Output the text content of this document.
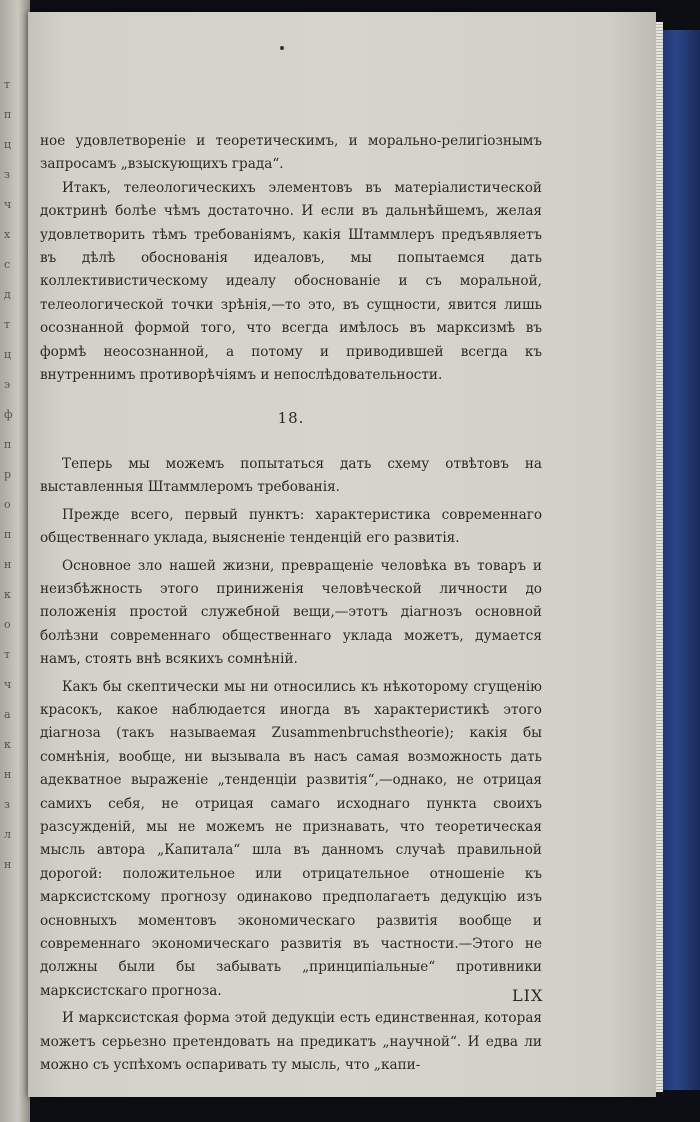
т
п
ц
з
ч
х
с
д
т
ц
э
ф
п
р
о
п
н
к
о
т
ч
а
к
н
з
л
н

ное удовлетвореніе и теоретическимъ, и морально-религіознымъ запросамъ „взыскующихъ града“.

Итакъ, телеологическихъ элементовъ въ матеріалистической доктринѣ болѣе чѣмъ достаточно. И если въ дальнѣйшемъ, желая удовлетворить тѣмъ требованіямъ, какія Штаммлеръ предъявляетъ въ дѣлѣ обоснованія идеаловъ, мы попытаемся дать коллективистическому идеалу обоснованіе и съ моральной, телеологической точки зрѣнія,—то это, въ сущности, явится лишь осознанной формой того, что всегда имѣлось въ марксизмѣ въ формѣ неосознанной, а потому и приводившей всегда къ внутреннимъ противорѣчіямъ и непослѣдовательности.

18.

Теперь мы можемъ попытаться дать схему отвѣтовъ на выставленныя Штаммлеромъ требованія.

Прежде всего, первый пунктъ: характеристика современнаго общественнаго уклада, выясненіе тенденцій его развитія.

Основное зло нашей жизни, превращеніе человѣка въ товаръ и неизбѣжность этого приниженія человѣческой личности до положенія простой служебной вещи,—этотъ діагнозъ основной болѣзни современнаго общественнаго уклада можетъ, думается намъ, стоять внѣ всякихъ сомнѣній.

Какъ бы скептически мы ни относились къ нѣкоторому сгущенію красокъ, какое наблюдается иногда въ характеристикѣ этого діагноза (такъ называемая Zusammenbruchstheorie); какія бы сомнѣнія, вообще, ни вызывала въ насъ самая возможность дать адекватное выраженіе „тенденціи развитія“,—однако, не отрицая самихъ себя, не отрицая самаго исходнаго пункта своихъ разсужденій, мы не можемъ не признавать, что теоретическая мысль автора „Капитала“ шла въ данномъ случаѣ правильной дорогой: положительное или отрицательное отношеніе къ марксистскому прогнозу одинаково предполагаетъ дедукцію изъ основныхъ моментовъ экономическаго развитія вообще и современнаго экономическаго развитія въ частности.—Этого не должны были бы забывать „принципіальные“ противники марксистскаго прогноза.

И марксистская форма этой дедукціи есть единственная, которая можетъ серьезно претендовать на предикатъ „научной“. И едва ли можно съ успѣхомъ оспаривать ту мысль, что „капи-

LIX
